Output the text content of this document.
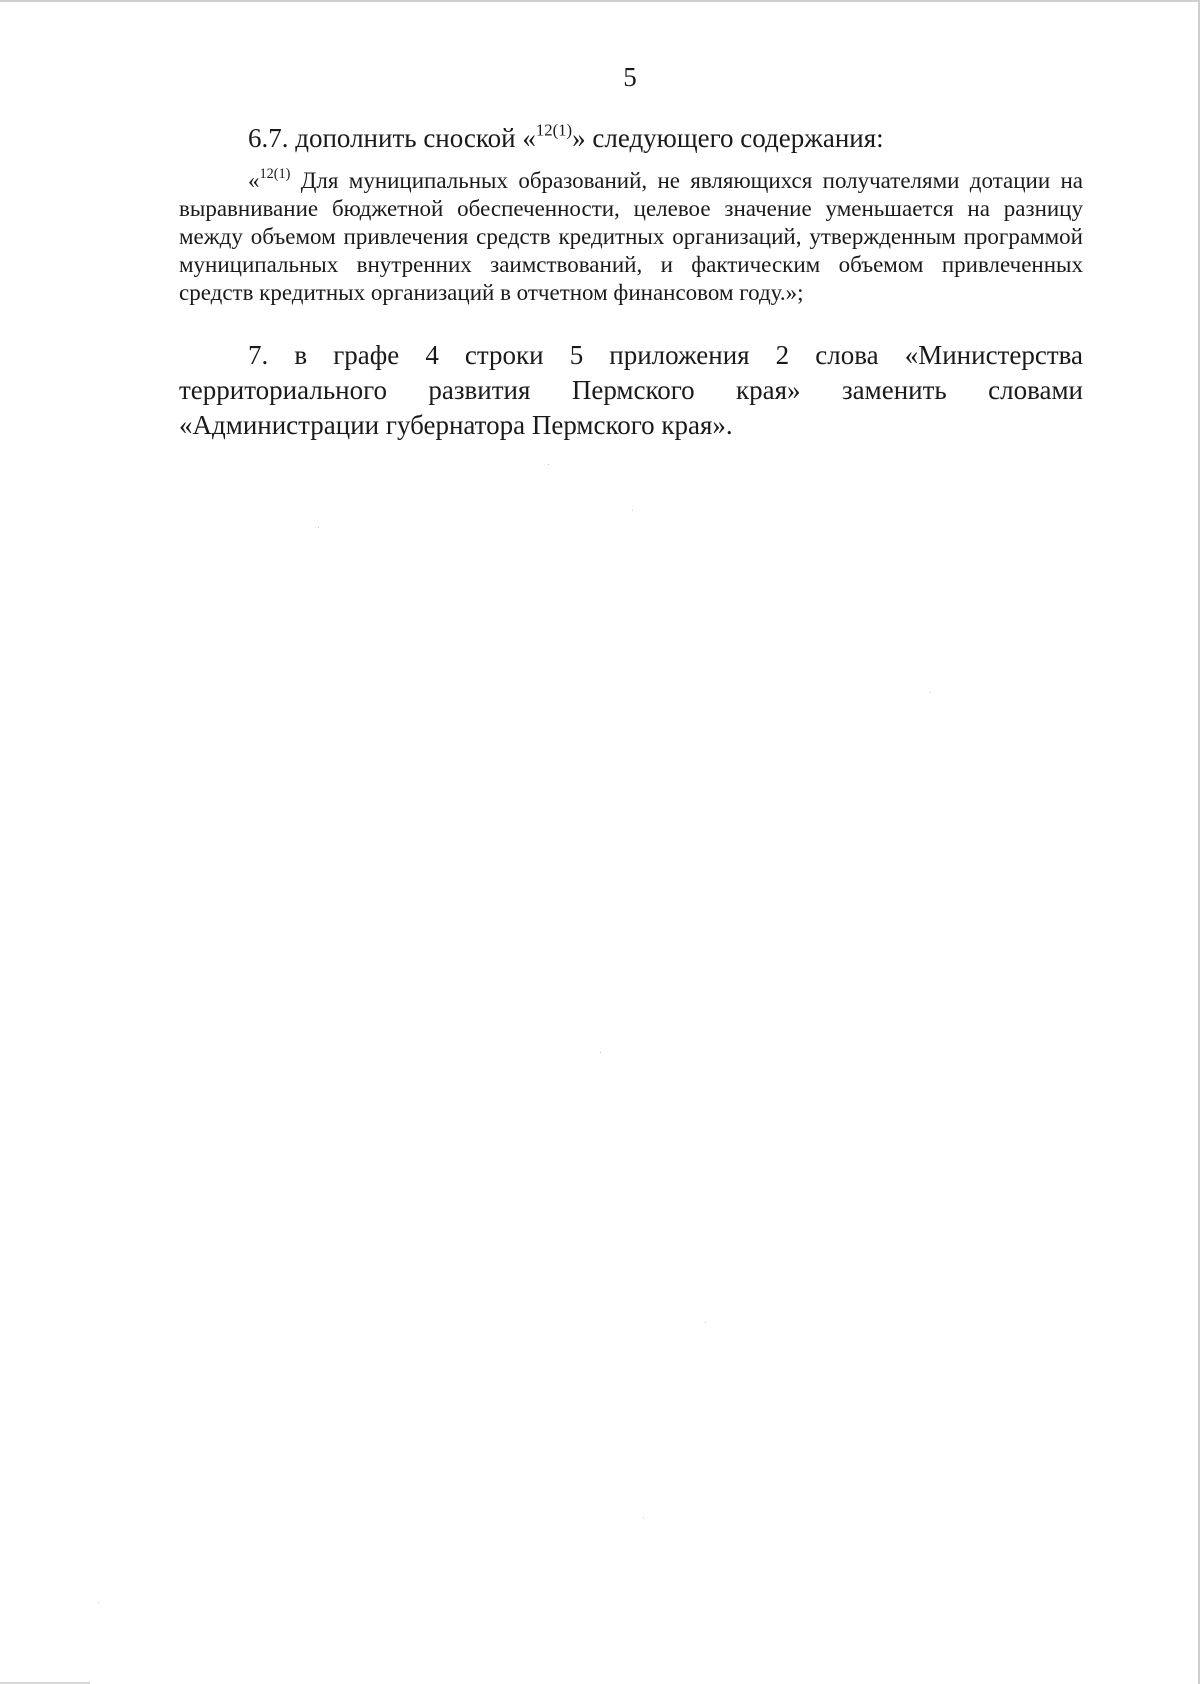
5
6.7. дополнить сноской «$^{12(1)}$» следующего содержания:
«$^{12(1)}$ Для муниципальных образований, не являющихся получателями дотации на выравнивание бюджетной обеспеченности, целевое значение уменьшается на разницу между объемом привлечения средств кредитных организаций, утвержденным программой муниципальных внутренних заимствований, и фактическим объемом привлеченных средств кредитных организаций в отчетном финансовом году.»;
7. в графе 4 строки 5 приложения 2 слова «Министерства территориального развития Пермского края» заменить словами «Администрации губернатора Пермского края».
